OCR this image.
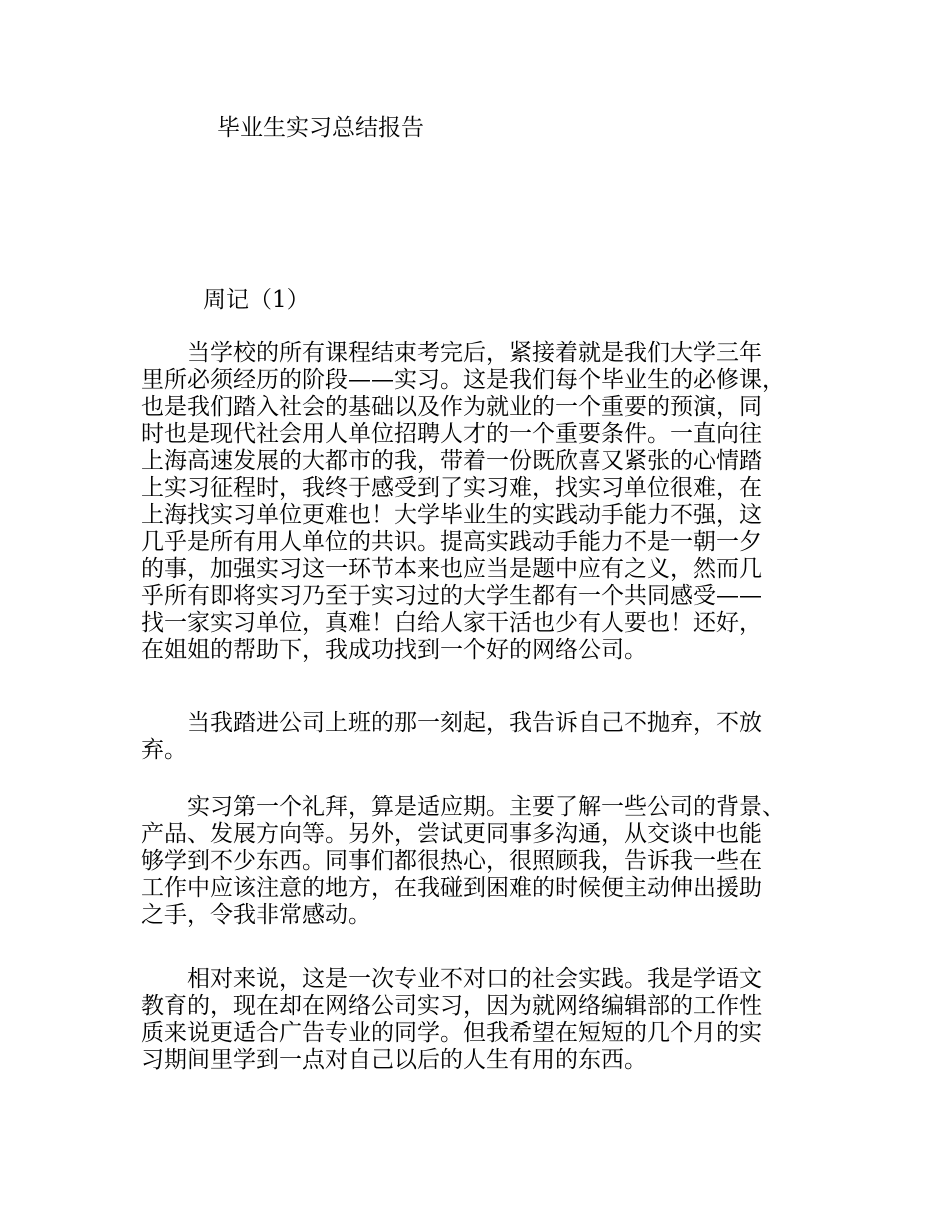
毕业生实习总结报告
周记（1）

　　当学校的所有课程结束考完后，紧接着就是我们大学三年
里所必须经历的阶段——实习。这是我们每个毕业生的必修课，
也是我们踏入社会的基础以及作为就业的一个重要的预演，同
时也是现代社会用人单位招聘人才的一个重要条件。一直向往
上海高速发展的大都市的我，带着一份既欣喜又紧张的心情踏
上实习征程时，我终于感受到了实习难，找实习单位很难，在
上海找实习单位更难也！大学毕业生的实践动手能力不强，这
几乎是所有用人单位的共识。提高实践动手能力不是一朝一夕
的事，加强实习这一环节本来也应当是题中应有之义，然而几
乎所有即将实习乃至于实习过的大学生都有一个共同感受——
找一家实习单位，真难！白给人家干活也少有人要也！还好，
在姐姐的帮助下，我成功找到一个好的网络公司。

　　当我踏进公司上班的那一刻起，我告诉自己不抛弃，不放
弃。

　　实习第一个礼拜，算是适应期。主要了解一些公司的背景、
产品、发展方向等。另外，尝试更同事多沟通，从交谈中也能
够学到不少东西。同事们都很热心，很照顾我，告诉我一些在
工作中应该注意的地方，在我碰到困难的时候便主动伸出援助
之手，令我非常感动。

　　相对来说，这是一次专业不对口的社会实践。我是学语文
教育的，现在却在网络公司实习，因为就网络编辑部的工作性
质来说更适合广告专业的同学。但我希望在短短的几个月的实
习期间里学到一点对自己以后的人生有用的东西。
